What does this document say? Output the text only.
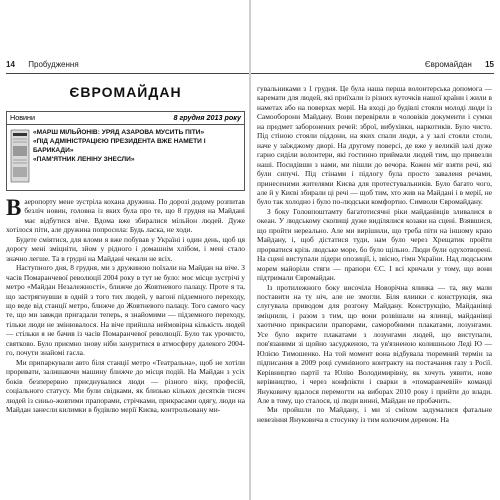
14 Пробудження
ЄВРОМАЙДАН
Новини	8 грудня 2013 року
«МАРШ МІЛЬЙОНІВ: УРЯД АЗАРОВА МУСИТЬ ПІТИ»
«ПІД АДМІНІСТРАЦІЄЮ ПРЕЗИДЕНТА ВЖЕ НАМЕТИ І БАРИКАДИ»
«ПАМ'ЯТНИК ЛЕНІНУ ЗНЕСЛИ»

Ваеропорту мене зустріла кохана дружина. По дорозі додому розпитав безліч новин, головна із яких була про те, що 8 грудня на Майдані має відбутися віче. Вдома вже збиралися мільйон людей. Дуже хотілося піти, але дружина попросила: Будь ласка, не ходи.

Будете сміятися, для вломи я вже побував у Україні і один день, щоб ця дорогу мені зміцніти, зйом у рідного і домашнім хлібом, і мені стало значно легше. Та в грудні на Майдані чекали не всіх.

Наступного дня, 8 грудня, ми з дружиною поїхали на Майдан на віче. З часів Помаранчевої революції 2004 року в тут не було: моє місце зустрічі у метро «Майдан Незалежності», ближче до Жовтневого палацу. Проте я та, що застрягнувши в одній з того тих людей, у вагоні підземного переходу, що веде від станції метро, ближче до Жовтневого палацу. Того самого часу те, що ми завжди пригадали теперь, я знайомими — підземного переходу, тільки люди не змінювалося. На віче прийшла неймовірна кількість людей — стільки я не бачив із часів Помаранчевої революції. Було так урочисто, святково. Було приємно знову ніби зануритися в атмосферу далекого 2004-го, почути знайомі гасла.

Ми припаркували авто біля станції метро «Театральна», щоб не хотіли проривати, залишаючи машину ближче до місця подій. На Майдан з усіх боків безперервно приєднувалися люди — різного віку, професій, соціального статусу. Ми були свідками, як близько кількох десятків тисяч людей із синьо-жовтими прапорами, стрічками, прикрасами одягу, люди на Майдан занесли килимки в будівлю мерії Києва, контрольовану ми-

Євромайдан 15

гувальниками з 1 грудня. Це була наша перша волонтерська допомога — каремати для людей, які приїхали із різних куточків нашої країни і жили в наметах або на поверхах мерії. На вході до будівлі стояли молоді люди із Самооборони Майдану. Вони перевіряли в чоловіків документи і сумки на предмет заборонених речей: зброї, вибухівки, наркотиків. Було чисто. Під стіною стояли піддони, на яких спали люди, а у залі стояли столи, наче у заїжджому дворі. На другому поверсі, де вже у великій залі дуже гарно сиділи волонтери, які гостинно приймали людей тим, що привезли наші. Посидівши з нами, ми пішли до вечора. Кожен міг взяти речі, які були сипучі. Під стінами і підлогу була просто заваленя речами, принесеними жителями Києва для протестувальників. Було багато чого, але й у Києві збирали ці речі — щоб тим, хто жив на Майдані і в мерії, не було так холодно і було по-людськи комфортно. Символи Євромайдану.

З боку Головпоштамту багатотисячні ріки майданівців зливалися в океан. У людському скопищі дуже виділялися козаки на сцені. Взявшися, що пройти нереально. Але ми вирішили, що треба піти на іншому краю Майдану, і, щоб дістатися туди, нам було через Хрещатик пройти прорватися крізь людське море, бо було щільно. Люди були одухотворені. На сцені виступали лідери опозиції, і, звісно, гімн України. Над людським морем майоріли стяги — прапори ЄС. І всі кричали у тому, що вони підтримали Євромайдан.

Із протилежного боку височіла Новорічна ялинка — та, яку мали поставити на ту ніч, але не змогли. Біля ялинки є конструкція, яка слугувала приводом для розгону Майдану. Конструкцію, Майданівці зміцнили, і разом з тим, що вони розвішали на ялинці, майданівці хаотично прикрасили прапорами, саморобними плакатами, лозунгами. Усе було вкрите плакатами з лозунгами людей, що виступали, пов'язаними зі щойно засудженою, та ув'язненою колишньою Леді Ю — Юлією Тимошенко. На той момент вона відбувала тюремний термін за підписання в 2009 році сумнівного контракту на постачання газу з Росії. Керівництво партії та Юлію Володимирівну, як хочуть уявити, нове керівництво, і через конфлікти і сварки в «помаранчевій» команді Януковичу вдалося перемогти на виборах 2010 року і прийти до влади. Але в тому, що сталося, ці люди винні, Майдан не пробачить.

Ми пройшли по Майдану, і ми зі сміхом задумалися фатальне невезіння Януковича в стосунку із тим колючим деревом. На
